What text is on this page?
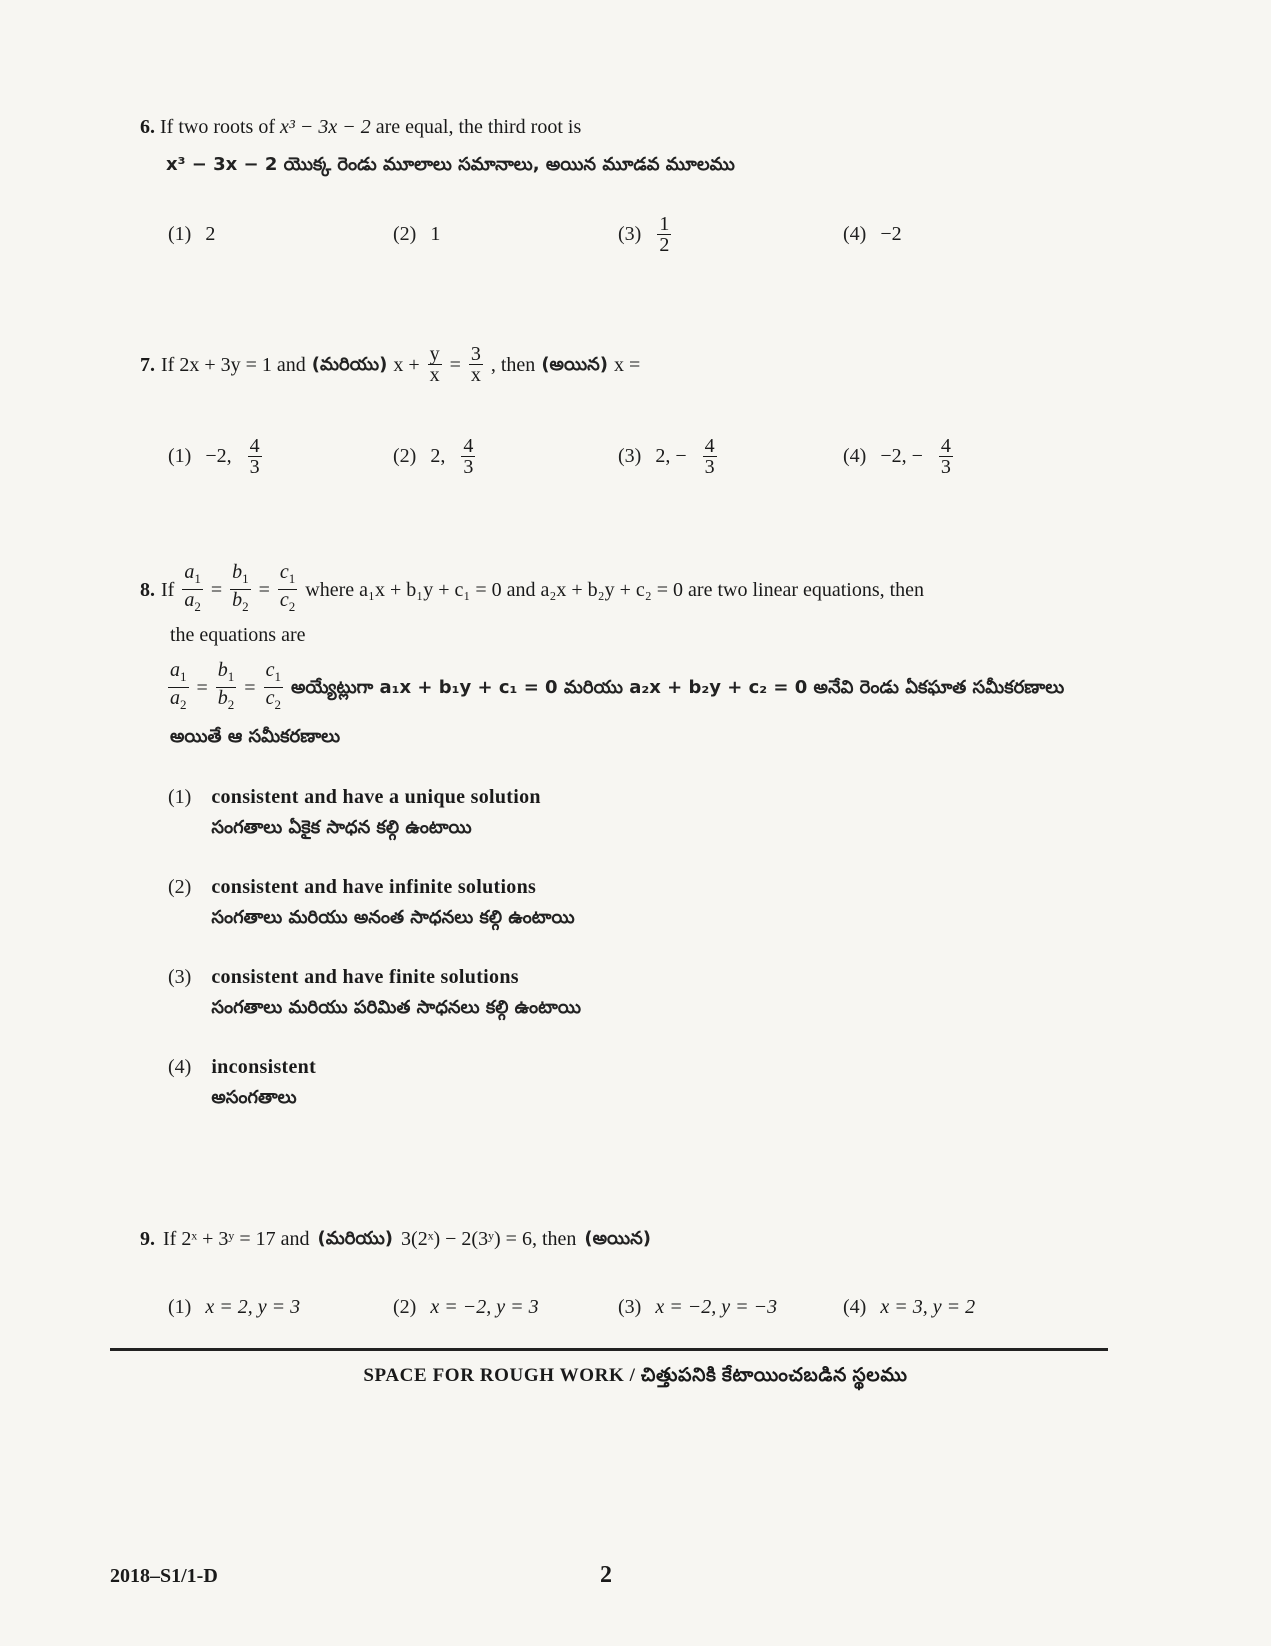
6. If two roots of x³ − 3x − 2 are equal, the third root is
x³ − 3x − 2 యొక్క రెండు మూలాలు సమానాలు, అయిన మూడవ మూలము
(1) 2	(2) 1	$(3) \frac{1}{2}$	(4) −2
7. If 2x + 3y = 1 and (మరియు) $x + \frac{y}{x} = \frac{3}{x}$ , then (అయిన) x =
(1) −2, $\frac{4}{3}$	(2) 2, $\frac{4}{3}$	(3) 2, − $\frac{4}{3}$	(4) −2, − $\frac{4}{3}$
8. If $\frac{a_1}{a_2} = \frac{b_1}{b_2} = \frac{c_1}{c_2}$ where a₁x + b₁y + c₁ = 0 and a₂x + b₂y + c₂ = 0 are two linear equations, then
the equations are
$\frac{a_1}{a_2} = \frac{b_1}{b_2} = \frac{c_1}{c_2}$ అయ్యేట్లుగా a₁x + b₁y + c₁ = 0 మరియు a₂x + b₂y + c₂ = 0 అనేవి రెండు ఏకఘాత సమీకరణాలు
అయితే ఆ సమీకరణాలు
(1) consistent and have a unique solution
సంగతాలు ఏకైక సాధన కల్గి ఉంటాయి
(2) consistent and have infinite solutions
సంగతాలు మరియు అనంత సాధనలు కల్గి ఉంటాయి
(3) consistent and have finite solutions
సంగతాలు మరియు పరిమిత సాధనలు కల్గి ఉంటాయి
(4) inconsistent
అసంగతాలు
9. If 2ˣ + 3ʸ = 17 and (మరియు) 3(2ˣ) − 2(3ʸ) = 6, then (అయిన)
(1) x = 2, y = 3	(2) x = −2, y = 3	(3) x = −2, y = −3	(4) x = 3, y = 2
SPACE FOR ROUGH WORK / చిత్తుపనికి కేటాయించబడిన స్థలము
2018–S1/1-D	2
